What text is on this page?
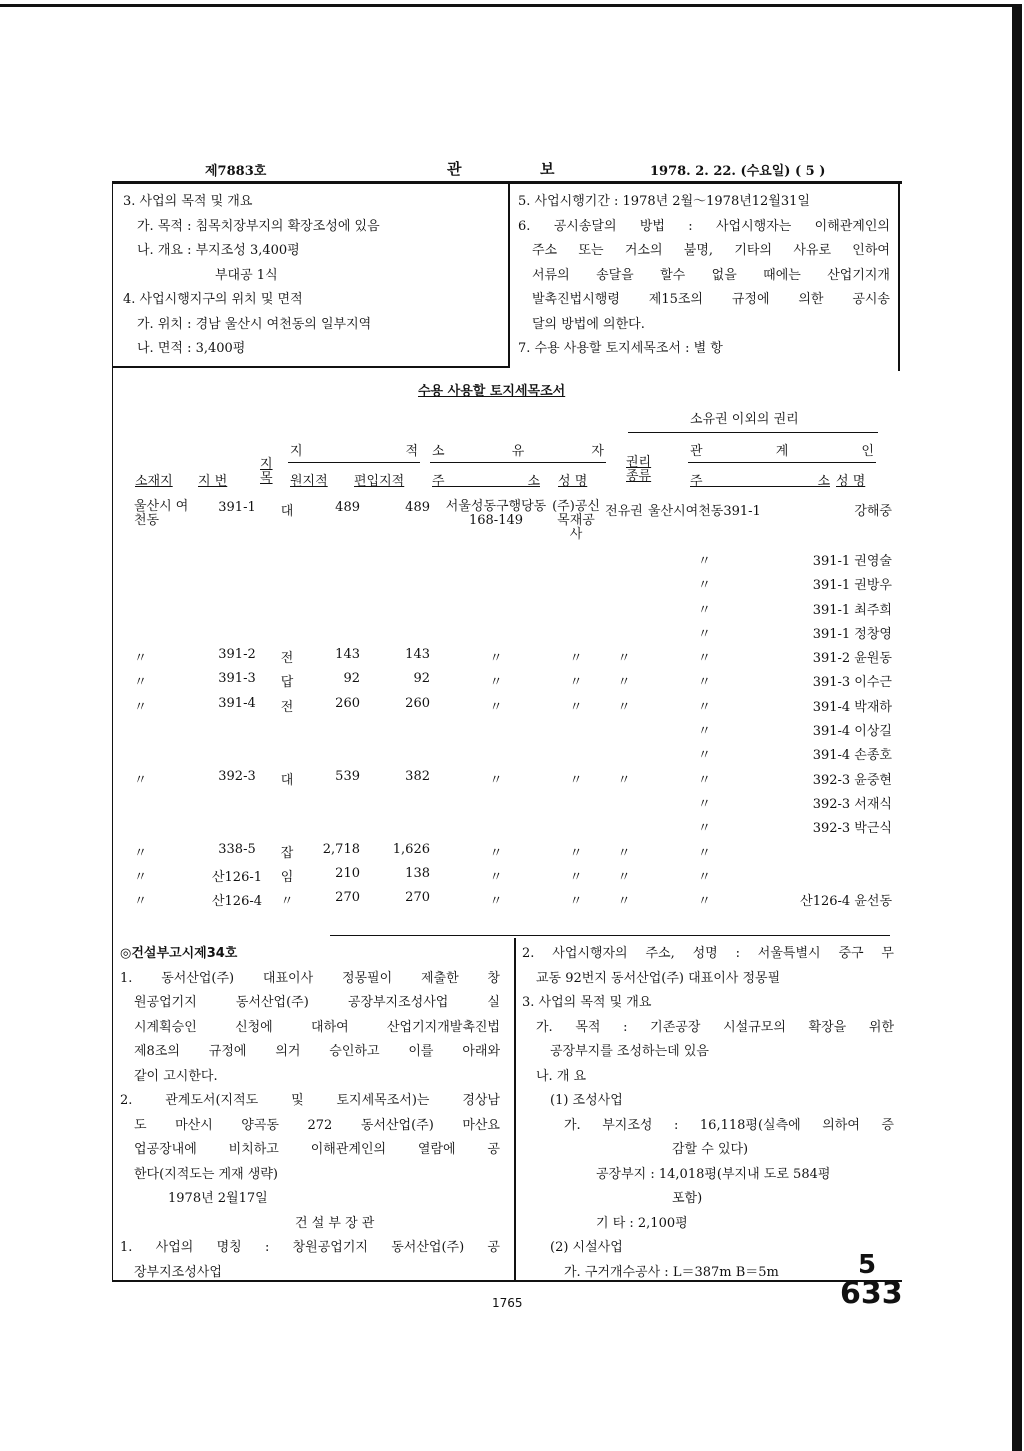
제7883호	관	보	1978. 2. 22. (수요일) ( 5 )
3. 사업의 목적 및 개요
가. 목적 : 침목치장부지의 확장조성에 있음
나. 개요 : 부지조성 3,400평
부대공 1식
4. 사업시행지구의 위치 및 면적
가. 위치 : 경남 울산시 여천동의 일부지역
나. 면적 : 3,400평
5. 사업시행기간 : 1978년 2월～1978년12월31일
6. 공시송달의 방법 : 사업시행자는 이해관계인의
주소 또는 거소의 불명, 기타의 사유로 인하여
서류의 송달을 할수 없을 때에는 산업기지개
발촉진법시행령 제15조의 규정에 의한 공시송
달의 방법에 의한다.
7. 수용 사용할 토지세목조서 : 별 항
수용 사용할 토지세목조서
소유권 이외의 권리
지 적 소 유 자	관 계 인
소재지 지 번
지목 원지적 편입지적 주 소 성 명
권리종류	주 소 성 명
울산시 여천동	391-1	대	489	489	서울성동구행당동 168-149	(주)공신목재공사	전유권	울산시여천동391-1	강해중
								〃	391-1 권영술
								〃	391-1 권방우
								〃	391-1 최주희
								〃	391-1 정창영
〃	391-2	전	143	143	〃	〃	〃	〃	391-2 윤원동
〃	391-3	답	92	92	〃	〃	〃	〃	391-3 이수근
〃	391-4	전	260	260	〃	〃	〃	〃	391-4 박재하
								〃	391-4 이상길
								〃	391-4 손종호
〃	392-3	대	539	382	〃	〃	〃	〃	392-3 윤중현
								〃	392-3 서재식
								〃	392-3 박근식
〃	338-5	잡	2,718	1,626	〃	〃	〃	〃	
〃	산126-1	임	210	138	〃	〃	〃	〃	
〃	산126-4	〃	270	270	〃	〃	〃	〃	산126-4 윤선동
◎건설부고시제34호
1. 동서산업(주) 대표이사 정몽필이 제출한 창
원공업기지 동서산업(주) 공장부지조성사업 실
시계획승인 신청에 대하여 산업기지개발촉진법
제8조의 규정에 의거 승인하고 이를 아래와
같이 고시한다.
2. 관계도서(지적도 및 토지세목조서)는 경상남
도 마산시 양곡동 272 동서산업(주) 마산요
업공장내에 비치하고 이해관계인의 열람에 공
한다(지적도는 게재 생략)
1978년 2월17일
건 설 부 장 관
1. 사업의 명칭 : 창원공업기지 동서산업(주) 공
장부지조성사업
2. 사업시행자의 주소, 성명 : 서울특별시 중구 무
교동 92번지 동서산업(주) 대표이사 정몽필
3. 사업의 목적 및 개요
가. 목적 : 기존공장 시설규모의 확장을 위한
공장부지를 조성하는데 있음
나. 개 요
(1) 조성사업
가. 부지조성 : 16,118평(실측에 의하여 증
감할 수 있다)
공장부지 : 14,018평(부지내 도로 584평
포함)
기 타 : 2,100평
(2) 시설사업
가. 구거개수공사 : L＝387m B＝5m
1765
5
633
